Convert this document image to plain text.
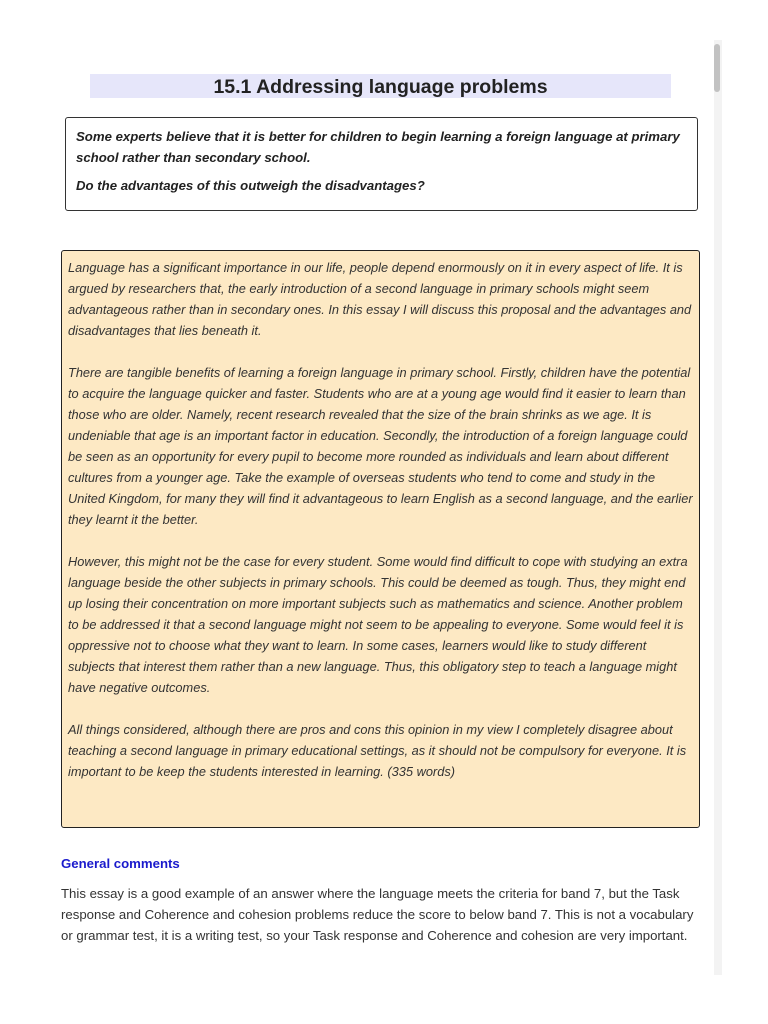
15.1 Addressing language problems

Some experts believe that it is better for children to begin learning a foreign language at primary school rather than secondary school.

Do the advantages of this outweigh the disadvantages?

Language has a significant importance in our life, people depend enormously on it in every aspect of life. It is argued by researchers that, the early introduction of a second language in primary schools might seem advantageous rather than in secondary ones. In this essay I will discuss this proposal and the advantages and disadvantages that lies beneath it.

There are tangible benefits of learning a foreign language in primary school. Firstly, children have the potential to acquire the language quicker and faster. Students who are at a young age would find it easier to learn than those who are older. Namely, recent research revealed that the size of the brain shrinks as we age. It is undeniable that age is an important factor in education. Secondly, the introduction of a foreign language could be seen as an opportunity for every pupil to become more rounded as individuals and learn about different cultures from a younger age. Take the example of overseas students who tend to come and study in the United Kingdom, for many they will find it advantageous to learn English as a second language, and the earlier they learnt it the better.

However, this might not be the case for every student. Some would find difficult to cope with studying an extra language beside the other subjects in primary schools. This could be deemed as tough. Thus, they might end up losing their concentration on more important subjects such as mathematics and science. Another problem to be addressed it that a second language might not seem to be appealing to everyone. Some would feel it is oppressive not to choose what they want to learn. In some cases, learners would like to study different subjects that interest them rather than a new language. Thus, this obligatory step to teach a language might have negative outcomes.

All things considered, although there are pros and cons this opinion in my view I completely disagree about teaching a second language in primary educational settings, as it should not be compulsory for everyone. It is important to be keep the students interested in learning. (335 words)

General comments

This essay is a good example of an answer where the language meets the criteria for band 7, but the Task response and Coherence and cohesion problems reduce the score to below band 7. This is not a vocabulary or grammar test, it is a writing test, so your Task response and Coherence and cohesion are very important.
